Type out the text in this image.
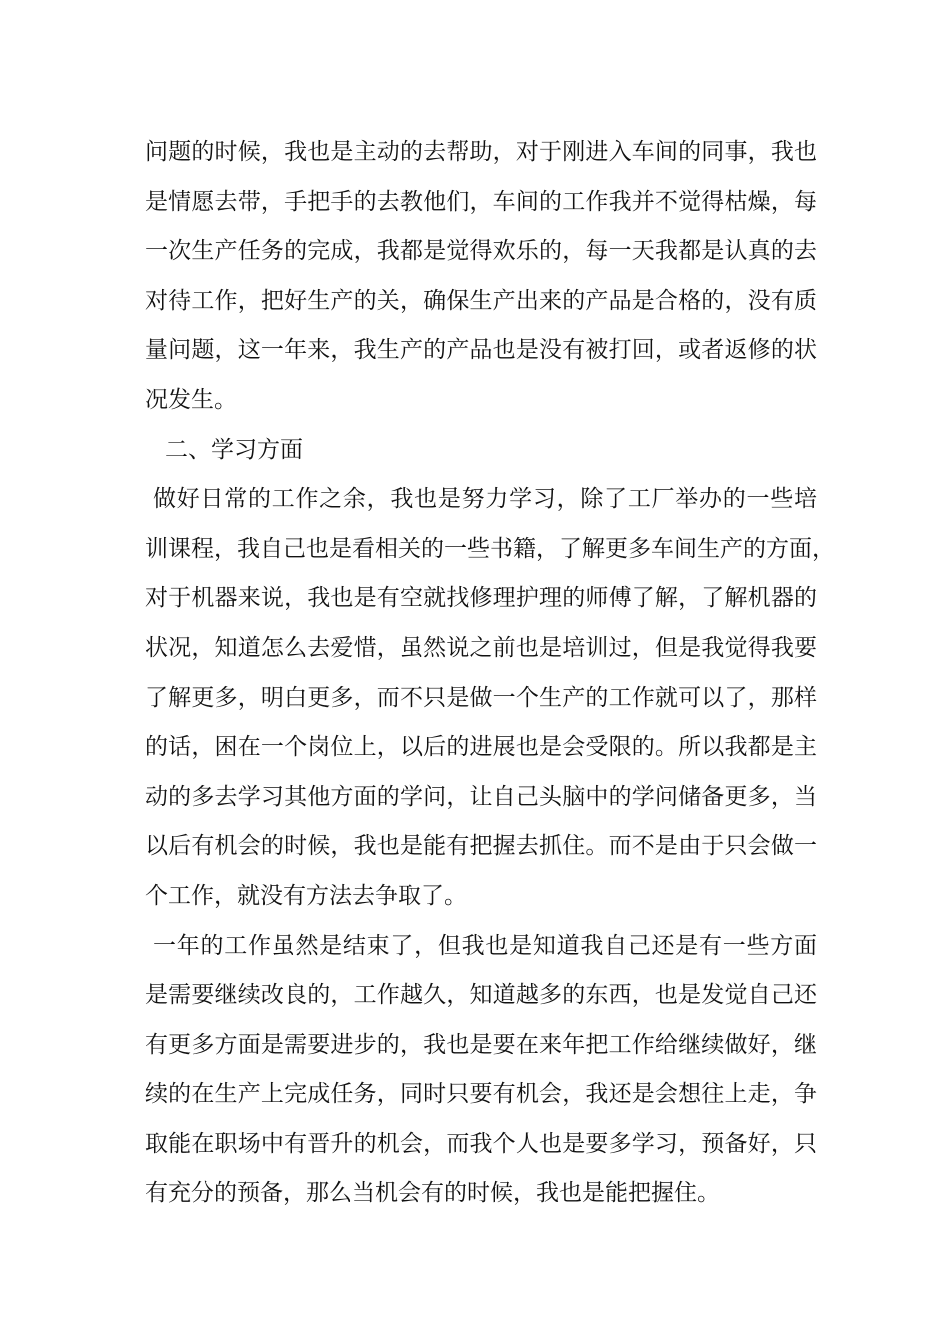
问题的时候，我也是主动的去帮助，对于刚进入车间的同事，我也
是情愿去带，手把手的去教他们，车间的工作我并不觉得枯燥，每
一次生产任务的完成，我都是觉得欢乐的，每一天我都是认真的去
对待工作，把好生产的关，确保生产出来的产品是合格的，没有质
量问题，这一年来，我生产的产品也是没有被打回，或者返修的状
况发生。
二、学习方面
做好日常的工作之余，我也是努力学习，除了工厂举办的一些培
训课程，我自己也是看相关的一些书籍，了解更多车间生产的方面，
对于机器来说，我也是有空就找修理护理的师傅了解，了解机器的
状况，知道怎么去爱惜，虽然说之前也是培训过，但是我觉得我要
了解更多，明白更多，而不只是做一个生产的工作就可以了，那样
的话，困在一个岗位上，以后的进展也是会受限的。所以我都是主
动的多去学习其他方面的学问，让自己头脑中的学问储备更多，当
以后有机会的时候，我也是能有把握去抓住。而不是由于只会做一
个工作，就没有方法去争取了。
一年的工作虽然是结束了，但我也是知道我自己还是有一些方面
是需要继续改良的，工作越久，知道越多的东西，也是发觉自己还
有更多方面是需要进步的，我也是要在来年把工作给继续做好，继
续的在生产上完成任务，同时只要有机会，我还是会想往上走，争
取能在职场中有晋升的机会，而我个人也是要多学习，预备好，只
有充分的预备，那么当机会有的时候，我也是能把握住。
